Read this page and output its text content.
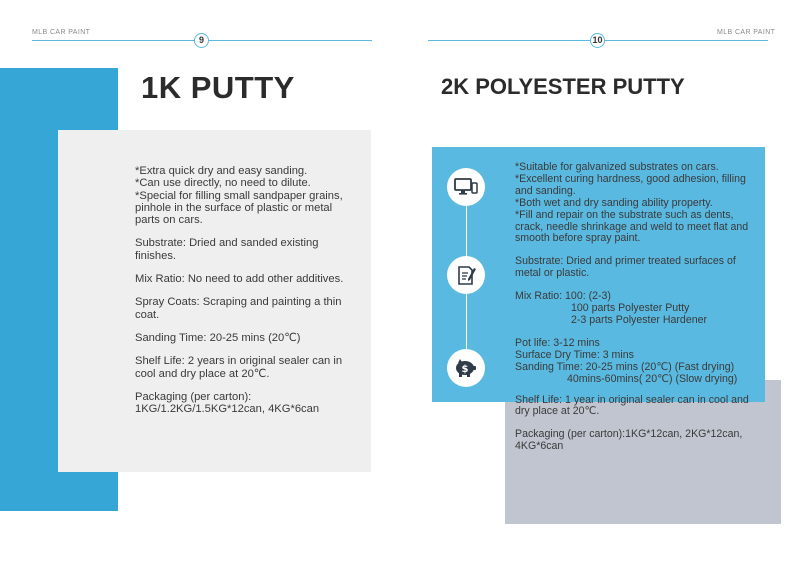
MLB CAR PAINT
9
MLB CAR PAINT
10
1K PUTTY
*Extra quick dry and easy sanding.
*Can use directly, no need to dilute.
*Special for filling small sandpaper grains, pinhole in the surface of plastic or metal parts on cars.
Substrate: Dried and sanded existing finishes.
Mix Ratio: No need to add other additives.
Spray Coats: Scraping and painting a thin coat.
Sanding Time: 20-25 mins (20℃)
Shelf Life: 2 years in original sealer can in cool and dry place at 20℃.
Packaging (per carton):
1KG/1.2KG/1.5KG*12can, 4KG*6can
2K POLYESTER PUTTY
$
*Suitable for galvanized substrates on cars.
*Excellent curing hardness, good adhesion, filling and sanding.
*Both wet and dry sanding ability property.
*Fill and repair on the substrate such as dents, crack, needle shrinkage and weld to meet flat and smooth before spray paint.
Substrate: Dried and primer treated surfaces of metal or plastic.
Mix Ratio: 100: (2-3)
100 parts Polyester Putty
2-3 parts Polyester Hardener
Pot life: 3-12 mins
Surface Dry Time: 3 mins
Sanding Time: 20-25 mins (20℃) (Fast drying)
40mins-60mins( 20℃) (Slow drying)
Shelf Life: 1 year in original sealer can in cool and dry place at 20℃.
Packaging (per carton):1KG*12can, 2KG*12can, 4KG*6can
